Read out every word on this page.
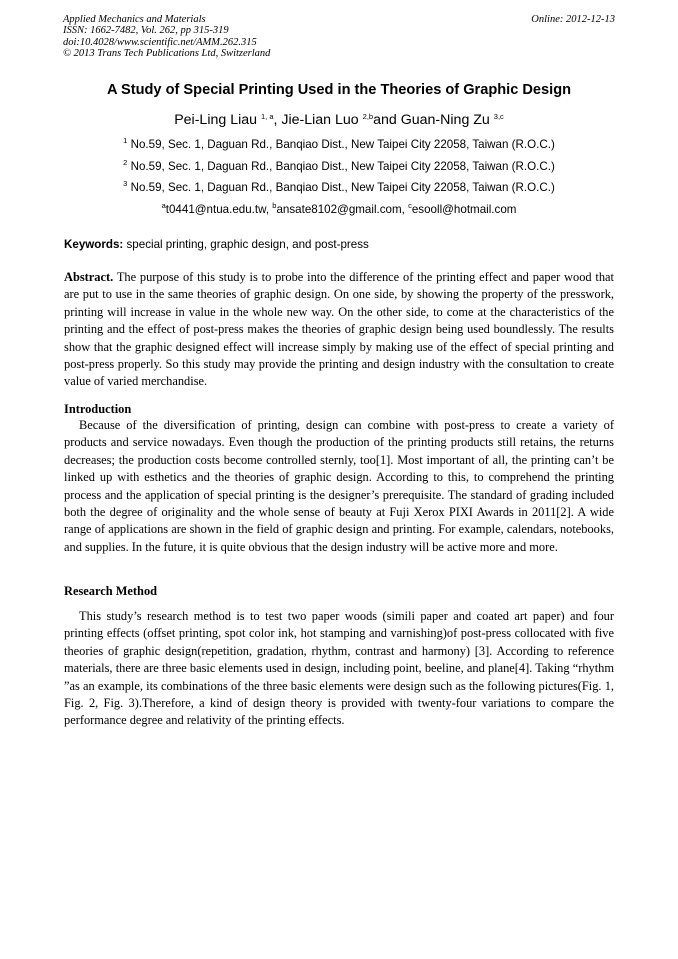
Applied Mechanics and Materials
ISSN: 1662-7482, Vol. 262, pp 315-319
doi:10.4028/www.scientific.net/AMM.262.315
© 2013 Trans Tech Publications Ltd, Switzerland
Online: 2012-12-13
A Study of Special Printing Used in the Theories of Graphic Design
Pei-Ling Liau $^{1, a}$, Jie-Lian Luo $^{2,b}$and Guan-Ning Zu $^{3,c}$
$^1$ No.59, Sec. 1, Daguan Rd., Banqiao Dist., New Taipei City 22058, Taiwan (R.O.C.)
$^2$ No.59, Sec. 1, Daguan Rd., Banqiao Dist., New Taipei City 22058, Taiwan (R.O.C.)
$^3$ No.59, Sec. 1, Daguan Rd., Banqiao Dist., New Taipei City 22058, Taiwan (R.O.C.)
$^a$t0441@ntua.edu.tw, $^b$ansate8102@gmail.com, $^c$esooll@hotmail.com
Keywords: special printing, graphic design, and post-press
Abstract. The purpose of this study is to probe into the difference of the printing effect and paper wood that are put to use in the same theories of graphic design. On one side, by showing the property of the presswork, printing will increase in value in the whole new way. On the other side, to come at the characteristics of the printing and the effect of post-press makes the theories of graphic design being used boundlessly. The results show that the graphic designed effect will increase simply by making use of the effect of special printing and post-press properly. So this study may provide the printing and design industry with the consultation to create value of varied merchandise.
Introduction
Because of the diversification of printing, design can combine with post-press to create a variety of products and service nowadays. Even though the production of the printing products still retains, the returns decreases; the production costs become controlled sternly, too[1]. Most important of all, the printing can’t be linked up with esthetics and the theories of graphic design. According to this, to comprehend the printing process and the application of special printing is the designer’s prerequisite. The standard of grading included both the degree of originality and the whole sense of beauty at Fuji Xerox PIXI Awards in 2011[2]. A wide range of applications are shown in the field of graphic design and printing. For example, calendars, notebooks, and supplies. In the future, it is quite obvious that the design industry will be active more and more.
Research Method
This study’s research method is to test two paper woods (simili paper and coated art paper) and four printing effects (offset printing, spot color ink, hot stamping and varnishing)of post-press collocated with five theories of graphic design(repetition, gradation, rhythm, contrast and harmony) [3]. According to reference materials, there are three basic elements used in design, including point, beeline, and plane[4]. Taking “rhythm ”as an example, its combinations of the three basic elements were design such as the following pictures(Fig. 1, Fig. 2, Fig. 3).Therefore, a kind of design theory is provided with twenty-four variations to compare the performance degree and relativity of the printing effects.
